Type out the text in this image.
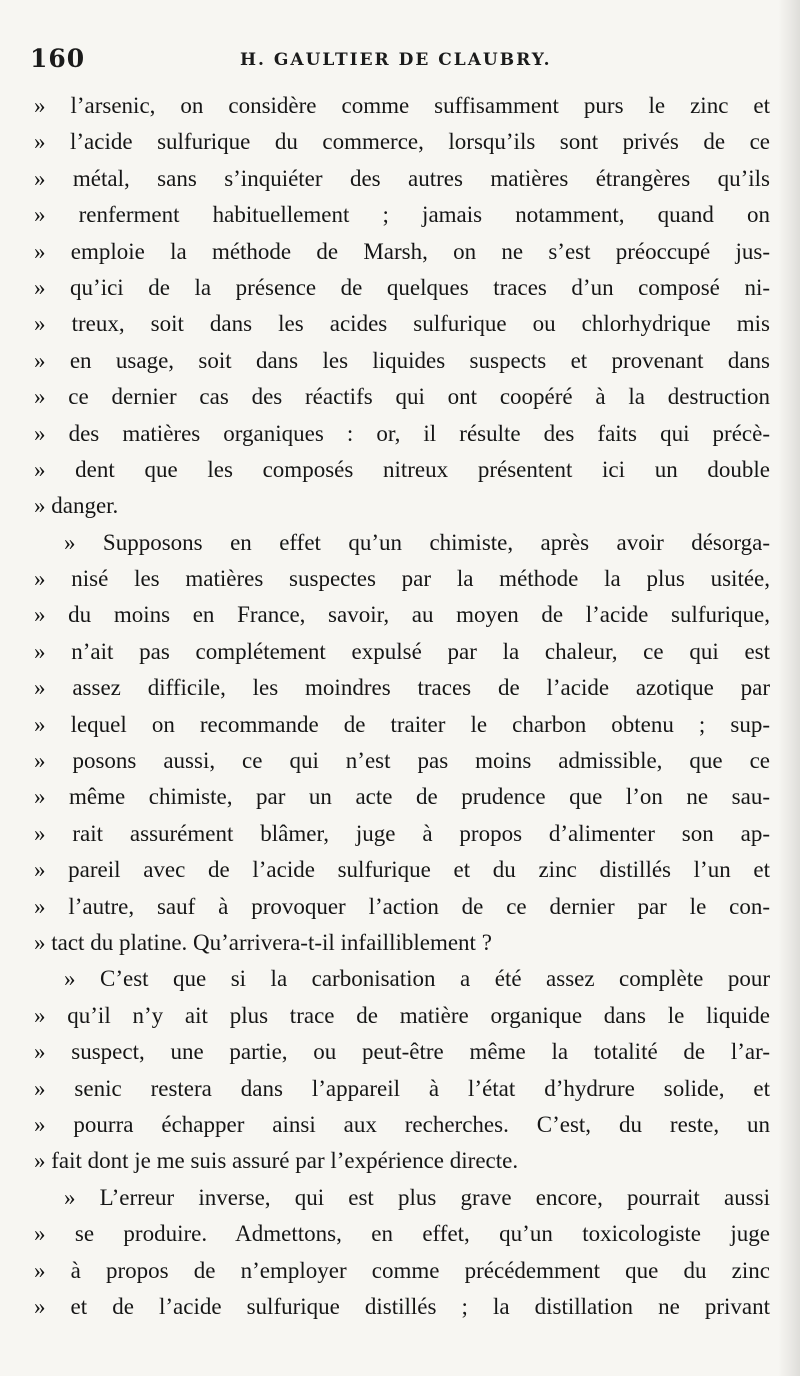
160	H. GAULTIER DE CLAUBRY.
» l’arsenic, on considère comme suffisamment purs le zinc et
» l’acide sulfurique du commerce, lorsqu’ils sont privés de ce
» métal, sans s’inquiéter des autres matières étrangères qu’ils
» renferment habituellement ; jamais notamment, quand on
» emploie la méthode de Marsh, on ne s’est préoccupé jus-
» qu’ici de la présence de quelques traces d’un composé ni-
» treux, soit dans les acides sulfurique ou chlorhydrique mis
» en usage, soit dans les liquides suspects et provenant dans
» ce dernier cas des réactifs qui ont coopéré à la destruction
» des matières organiques : or, il résulte des faits qui précè-
» dent que les composés nitreux présentent ici un double
» danger.
» Supposons en effet qu’un chimiste, après avoir désorga-
» nisé les matières suspectes par la méthode la plus usitée,
» du moins en France, savoir, au moyen de l’acide sulfurique,
» n’ait pas complétement expulsé par la chaleur, ce qui est
» assez difficile, les moindres traces de l’acide azotique par
» lequel on recommande de traiter le charbon obtenu ; sup-
» posons aussi, ce qui n’est pas moins admissible, que ce
» même chimiste, par un acte de prudence que l’on ne sau-
» rait assurément blâmer, juge à propos d’alimenter son ap-
» pareil avec de l’acide sulfurique et du zinc distillés l’un et
» l’autre, sauf à provoquer l’action de ce dernier par le con-
» tact du platine. Qu’arrivera-t-il infailliblement ?
» C’est que si la carbonisation a été assez complète pour
» qu’il n’y ait plus trace de matière organique dans le liquide
» suspect, une partie, ou peut-être même la totalité de l’ar-
» senic restera dans l’appareil à l’état d’hydrure solide, et
» pourra échapper ainsi aux recherches. C’est, du reste, un
» fait dont je me suis assuré par l’expérience directe.
» L’erreur inverse, qui est plus grave encore, pourrait aussi
» se produire. Admettons, en effet, qu’un toxicologiste juge
» à propos de n’employer comme précédemment que du zinc
» et de l’acide sulfurique distillés ; la distillation ne privant
